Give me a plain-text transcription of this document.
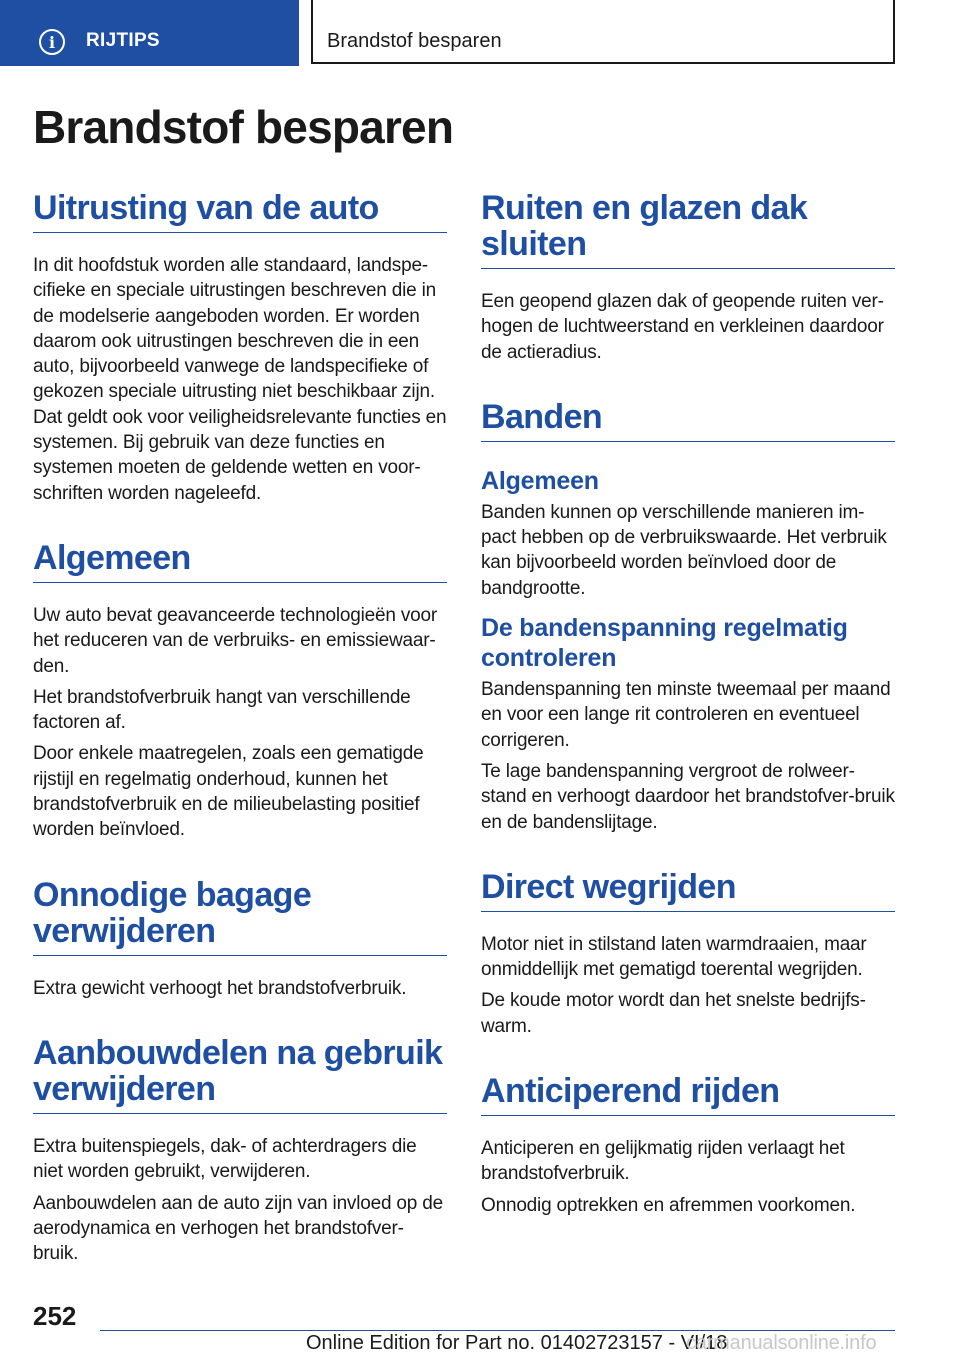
i	RIJTIPS	Brandstof besparen
Brandstof besparen
Uitrusting van de auto

In dit hoofdstuk worden alle standaard, landspe-cifieke en speciale uitrustingen beschreven die in de modelserie aangeboden worden. Er worden daarom ook uitrustingen beschreven die in een auto, bijvoorbeeld vanwege de landspecifieke of gekozen speciale uitrusting niet beschikbaar zijn. Dat geldt ook voor veiligheidsrelevante functies en systemen. Bij gebruik van deze functies en systemen moeten de geldende wetten en voor-schriften worden nageleefd.

Algemeen

Uw auto bevat geavanceerde technologieën voor het reduceren van de verbruiks- en emissiewaar-den.

Het brandstofverbruik hangt van verschillende factoren af.

Door enkele maatregelen, zoals een gematigde rijstijl en regelmatig onderhoud, kunnen het brandstofverbruik en de milieubelasting positief worden beïnvloed.

Onnodige bagage verwijderen

Extra gewicht verhoogt het brandstofverbruik.

Aanbouwdelen na gebruik verwijderen

Extra buitenspiegels, dak- of achterdragers die niet worden gebruikt, verwijderen.

Aanbouwdelen aan de auto zijn van invloed op de aerodynamica en verhogen het brandstofver-bruik.

Ruiten en glazen dak sluiten

Een geopend glazen dak of geopende ruiten ver-hogen de luchtweerstand en verkleinen daardoor de actieradius.

Banden
Algemeen

Banden kunnen op verschillende manieren im-pact hebben op de verbruikswaarde. Het verbruik kan bijvoorbeeld worden beïnvloed door de bandgrootte.

De bandenspanning regelmatig controleren

Bandenspanning ten minste tweemaal per maand en voor een lange rit controleren en eventueel corrigeren.

Te lage bandenspanning vergroot de rolweer-stand en verhoogt daardoor het brandstofver-bruik en de bandenslijtage.

Direct wegrijden

Motor niet in stilstand laten warmdraaien, maar onmiddellijk met gematigd toerental wegrijden.

De koude motor wordt dan het snelste bedrijfs-warm.

Anticiperend rijden

Anticiperen en gelijkmatig rijden verlaagt het brandstofverbruik.

Onnodig optrekken en afremmen voorkomen.

252
Online Edition for Part no. 01402723157 - VI/18
carmanualsonline.info
